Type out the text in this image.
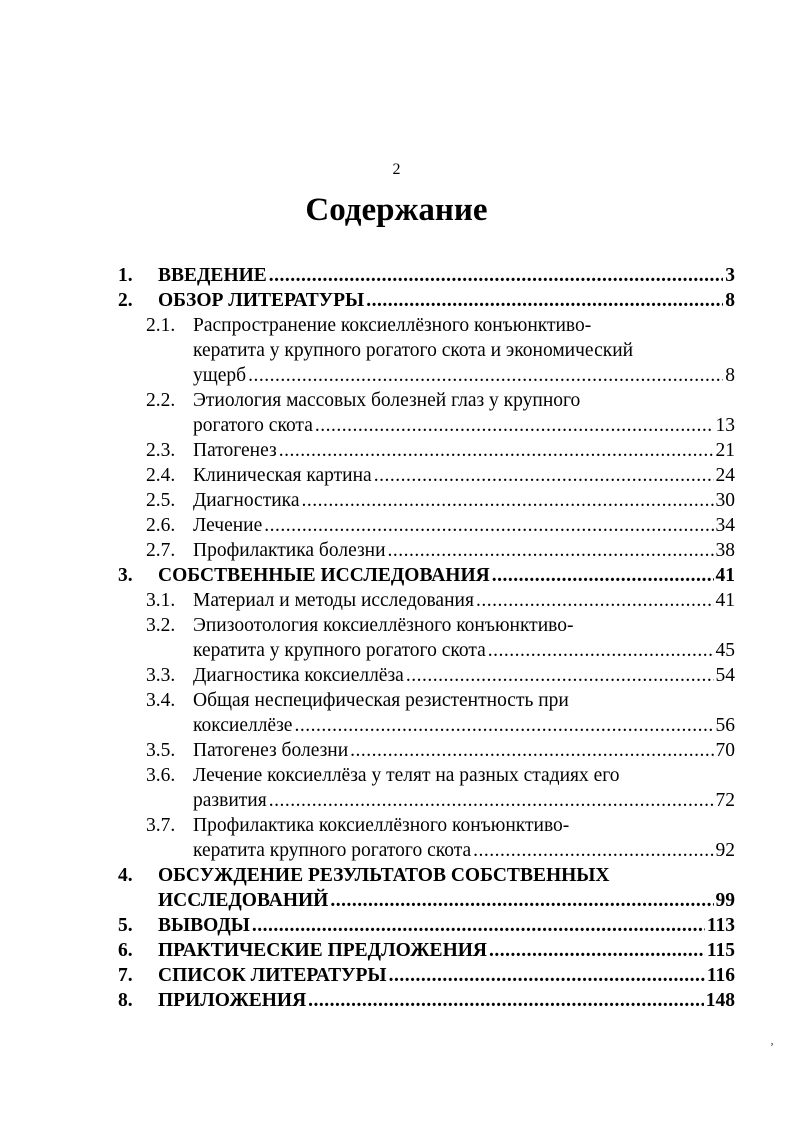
2
Содержание
1. ВВЕДЕНИЕ .....	3
2. ОБЗОР ЛИТЕРАТУРЫ .....	8
2.1. Распространение коксиеллёзного конъюнктиво-
кератита у крупного рогатого скота и экономический
ущерб .....	8
2.2. Этиология массовых болезней глаз у крупного
рогатого скота .....	13
2.3. Патогенез .....	21
2.4. Клиническая картина .....	24
2.5. Диагностика .....	30
2.6. Лечение .....	34
2.7. Профилактика болезни .....	38
3. СОБСТВЕННЫЕ ИССЛЕДОВАНИЯ .....	41
3.1. Материал и методы исследования .....	41
3.2. Эпизоотология коксиеллёзного конъюнктиво-
кератита у крупного рогатого скота .....	45
3.3. Диагностика коксиеллёза .....	54
3.4. Общая неспецифическая резистентность при
коксиеллёзе .....	56
3.5. Патогенез болезни .....	70
3.6. Лечение коксиеллёза у телят на разных стадиях его
развития .....	72
3.7. Профилактика коксиеллёзного конъюнктиво-
кератита крупного рогатого скота .....	92
4. ОБСУЖДЕНИЕ РЕЗУЛЬТАТОВ СОБСТВЕННЫХ
ИССЛЕДОВАНИЙ .....	99
5. ВЫВОДЫ .....	113
6. ПРАКТИЧЕСКИЕ ПРЕДЛОЖЕНИЯ .....	115
7. СПИСОК ЛИТЕРАТУРЫ .....	116
8. ПРИЛОЖЕНИЯ .....	148
ʼ
